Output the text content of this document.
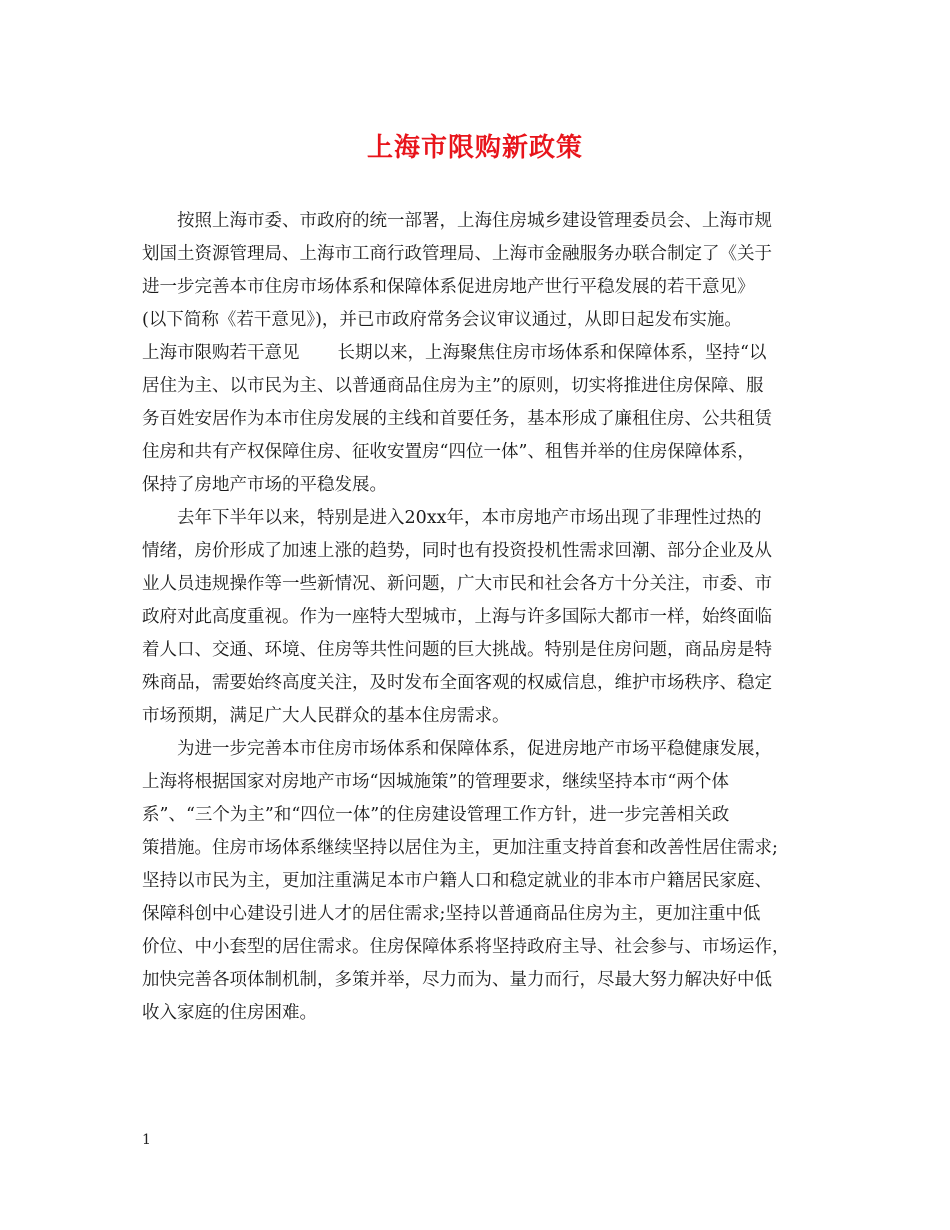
上海市限购新政策
按照上海市委、市政府的统一部署，上海住房城乡建设管理委员会、上海市规
划国土资源管理局、上海市工商行政管理局、上海市金融服务办联合制定了《关于
进一步完善本市住房市场体系和保障体系促进房地产世行平稳发展的若干意见》
(以下简称《若干意见》)，并已市政府常务会议审议通过，从即日起发布实施。
上海市限购若干意见 长期以来，上海聚焦住房市场体系和保障体系，坚持“以
居住为主、以市民为主、以普通商品住房为主”的原则，切实将推进住房保障、服
务百姓安居作为本市住房发展的主线和首要任务，基本形成了廉租住房、公共租赁
住房和共有产权保障住房、征收安置房“四位一体”、租售并举的住房保障体系，
保持了房地产市场的平稳发展。
去年下半年以来，特别是进入20xx年，本市房地产市场出现了非理性过热的
情绪，房价形成了加速上涨的趋势，同时也有投资投机性需求回潮、部分企业及从
业人员违规操作等一些新情况、新问题，广大市民和社会各方十分关注，市委、市
政府对此高度重视。作为一座特大型城市，上海与许多国际大都市一样，始终面临
着人口、交通、环境、住房等共性问题的巨大挑战。特别是住房问题，商品房是特
殊商品，需要始终高度关注，及时发布全面客观的权威信息，维护市场秩序、稳定
市场预期，满足广大人民群众的基本住房需求。
为进一步完善本市住房市场体系和保障体系，促进房地产市场平稳健康发展，
上海将根据国家对房地产市场“因城施策”的管理要求，继续坚持本市“两个体
系”、“三个为主”和“四位一体”的住房建设管理工作方针，进一步完善相关政
策措施。住房市场体系继续坚持以居住为主，更加注重支持首套和改善性居住需求;
坚持以市民为主，更加注重满足本市户籍人口和稳定就业的非本市户籍居民家庭、
保障科创中心建设引进人才的居住需求;坚持以普通商品住房为主，更加注重中低
价位、中小套型的居住需求。住房保障体系将坚持政府主导、社会参与、市场运作，
加快完善各项体制机制，多策并举，尽力而为、量力而行，尽最大努力解决好中低
收入家庭的住房困难。
1
